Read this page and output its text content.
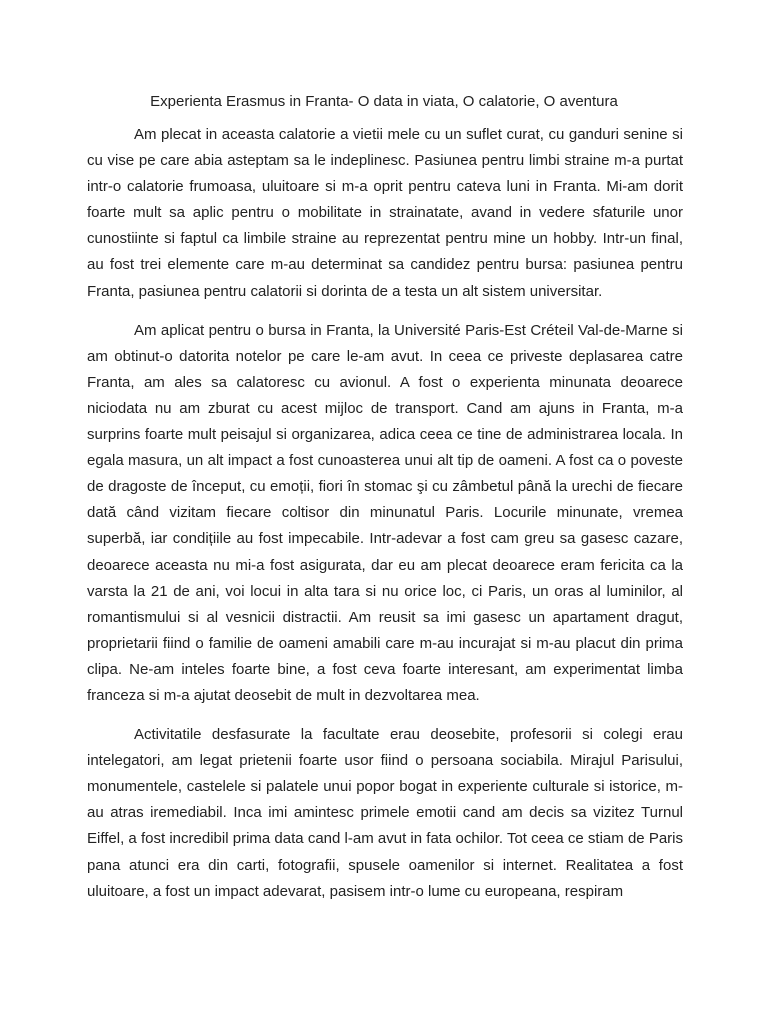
Experienta Erasmus in Franta- O data in viata, O calatorie, O aventura

Am plecat in aceasta calatorie a vietii mele cu un suflet curat, cu ganduri senine si cu vise pe care abia asteptam sa le indeplinesc. Pasiunea pentru limbi straine m-a purtat intr-o calatorie frumoasa, uluitoare si m-a oprit pentru cateva luni in Franta. Mi-am dorit foarte mult sa aplic pentru o mobilitate in strainatate, avand in vedere sfaturile unor cunostiinte si faptul ca limbile straine au reprezentat pentru mine un hobby. Intr-un final, au fost trei elemente care m-au determinat sa candidez pentru bursa: pasiunea pentru Franta, pasiunea pentru calatorii si dorinta de a testa un alt sistem universitar.

Am aplicat pentru o bursa in Franta, la Université Paris-Est Créteil Val-de-Marne si am obtinut-o datorita notelor pe care le-am avut. In ceea ce priveste deplasarea catre Franta, am ales sa calatoresc cu avionul. A fost o experienta minunata deoarece niciodata nu am zburat cu acest mijloc de transport. Cand am ajuns in Franta, m-a surprins foarte mult peisajul si organizarea, adica ceea ce tine de administrarea locala. In egala masura, un alt impact a fost cunoasterea unui alt tip de oameni. A fost ca o poveste de dragoste de început, cu emoții, fiori în stomac şi cu zâmbetul până la urechi de fiecare dată când vizitam fiecare coltisor din minunatul Paris. Locurile minunate, vremea superbă, iar condițiile au fost impecabile. Intr-adevar a fost cam greu sa gasesc cazare, deoarece aceasta nu mi-a fost asigurata, dar eu am plecat deoarece eram fericita ca la varsta la 21 de ani, voi locui in alta tara si nu orice loc, ci Paris, un oras al luminilor, al romantismului si al vesnicii distractii. Am reusit sa imi gasesc un apartament dragut, proprietarii fiind o familie de oameni amabili care m-au incurajat si m-au placut din prima clipa. Ne-am inteles foarte bine, a fost ceva foarte interesant, am experimentat limba franceza si m-a ajutat deosebit de mult in dezvoltarea mea.

Activitatile desfasurate la facultate erau deosebite, profesorii si colegi erau intelegatori, am legat prietenii foarte usor fiind o persoana sociabila. Mirajul Parisului, monumentele, castelele si palatele unui popor bogat in experiente culturale si istorice, m-au atras iremediabil. Inca imi amintesc primele emotii cand am decis sa vizitez Turnul Eiffel, a fost incredibil prima data cand l-am avut in fata ochilor. Tot ceea ce stiam de Paris pana atunci era din carti, fotografii, spusele oamenilor si internet. Realitatea a fost uluitoare, a fost un impact adevarat, pasisem intr-o lume cu europeana, respiram
